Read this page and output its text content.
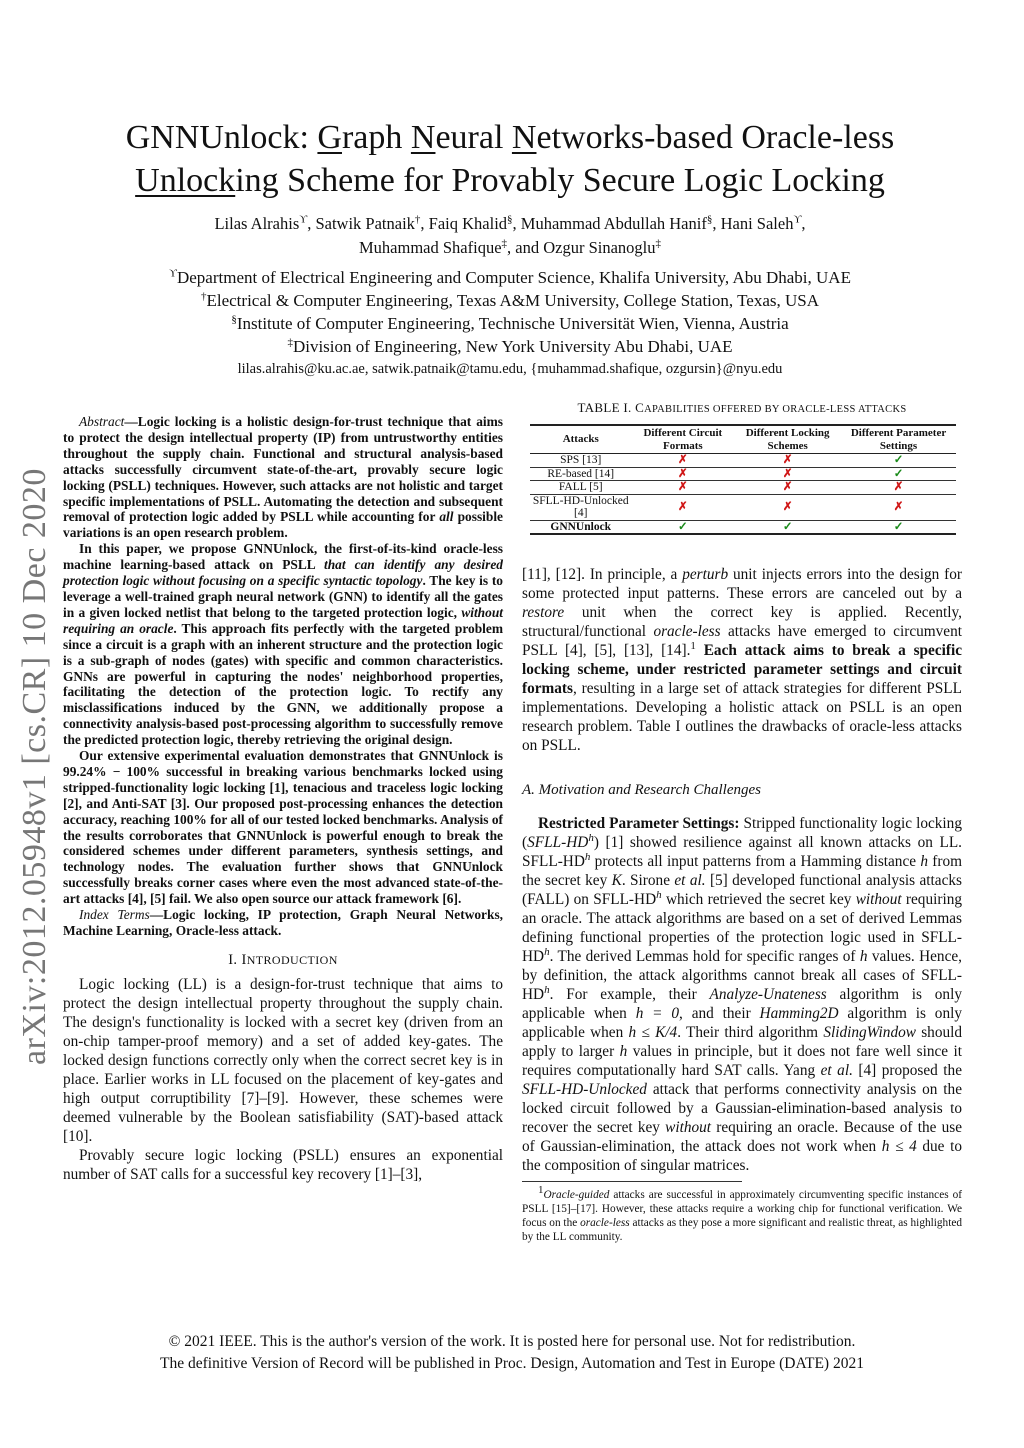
arXiv:2012.05948v1 [cs.CR] 10 Dec 2020
GNNUnlock: Graph Neural Networks-based Oracle-less
Unlocking Scheme for Provably Secure Logic Locking
Lilas Alrahis$^ϒ$, Satwik Patnaik†, Faiq Khalid§, Muhammad Abdullah Hanif§, Hani Saleh$^ϒ$,
Muhammad Shafique‡, and Ozgur Sinanoglu‡
$^ϒ$Department of Electrical Engineering and Computer Science, Khalifa University, Abu Dhabi, UAE
†Electrical & Computer Engineering, Texas A&M University, College Station, Texas, USA
§Institute of Computer Engineering, Technische Universität Wien, Vienna, Austria
‡Division of Engineering, New York University Abu Dhabi, UAE
lilas.alrahis@ku.ac.ae, satwik.patnaik@tamu.edu, {muhammad.shafique, ozgursin}@nyu.edu

Abstract—Logic locking is a holistic design-for-trust technique that aims to protect the design intellectual property (IP) from untrustworthy entities throughout the supply chain. Functional and structural analysis-based attacks successfully circumvent state-of-the-art, provably secure logic locking (PSLL) techniques. However, such attacks are not holistic and target specific implementations of PSLL. Automating the detection and subsequent removal of protection logic added by PSLL while accounting for all possible variations is an open research problem.

In this paper, we propose GNNUnlock, the first-of-its-kind oracle-less machine learning-based attack on PSLL that can identify any desired protection logic without focusing on a specific syntactic topology. The key is to leverage a well-trained graph neural network (GNN) to identify all the gates in a given locked netlist that belong to the targeted protection logic, without requiring an oracle. This approach fits perfectly with the targeted problem since a circuit is a graph with an inherent structure and the protection logic is a sub-graph of nodes (gates) with specific and common characteristics. GNNs are powerful in capturing the nodes' neighborhood properties, facilitating the detection of the protection logic. To rectify any misclassifications induced by the GNN, we additionally propose a connectivity analysis-based post-processing algorithm to successfully remove the predicted protection logic, thereby retrieving the original design.

Our extensive experimental evaluation demonstrates that GNNUnlock is 99.24% − 100% successful in breaking various benchmarks locked using stripped-functionality logic locking [1], tenacious and traceless logic locking [2], and Anti-SAT [3]. Our proposed post-processing enhances the detection accuracy, reaching 100% for all of our tested locked benchmarks. Analysis of the results corroborates that GNNUnlock is powerful enough to break the considered schemes under different parameters, synthesis settings, and technology nodes. The evaluation further shows that GNNUnlock successfully breaks corner cases where even the most advanced state-of-the-art attacks [4], [5] fail. We also open source our attack framework [6].

Index Terms—Logic locking, IP protection, Graph Neural Networks, Machine Learning, Oracle-less attack.

I. INTRODUCTION

Logic locking (LL) is a design-for-trust technique that aims to protect the design intellectual property throughout the supply chain. The design's functionality is locked with a secret key (driven from an on-chip tamper-proof memory) and a set of added key-gates. The locked design functions correctly only when the correct secret key is in place. Earlier works in LL focused on the placement of key-gates and high output corruptibility [7]–[9]. However, these schemes were deemed vulnerable by the Boolean satisfiability (SAT)-based attack [10].

Provably secure logic locking (PSLL) ensures an exponential number of SAT calls for a successful key recovery [1]–[3],

TABLE I. CAPABILITIES OFFERED BY ORACLE-LESS ATTACKS
Attacks	Different Circuit Formats	Different Locking Schemes	Different Parameter Settings
SPS [13]	✗	✗	✓
RE-based [14]	✗	✗	✓
FALL [5]	✗	✗	✗
SFLL-HD-Unlocked [4]	✗	✗	✗
GNNUnlock	✓	✓	✓

[11], [12]. In principle, a perturb unit injects errors into the design for some protected input patterns. These errors are canceled out by a restore unit when the correct key is applied. Recently, structural/functional oracle-less attacks have emerged to circumvent PSLL [4], [5], [13], [14].$^1$ Each attack aims to break a specific locking scheme, under restricted parameter settings and circuit formats, resulting in a large set of attack strategies for different PSLL implementations. Developing a holistic attack on PSLL is an open research problem. Table I outlines the drawbacks of oracle-less attacks on PSLL.

A. Motivation and Research Challenges

Restricted Parameter Settings: Stripped functionality logic locking $(SFLL-HD^h)$ [1] showed resilience against all known attacks on LL. SFLL-$HD^h$ protects all input patterns from a Hamming distance h from the secret key K. Sirone et al. [5] developed functional analysis attacks (FALL) on SFLL-$HD^h$ which retrieved the secret key without requiring an oracle. The attack algorithms are based on a set of derived Lemmas defining functional properties of the protection logic used in SFLL-$HD^h$. The derived Lemmas hold for specific ranges of h values. Hence, by definition, the attack algorithms cannot break all cases of SFLL-$HD^h$. For example, their Analyze-Unateness algorithm is only applicable when h = 0, and their Hamming2D algorithm is only applicable when h ≤ K/4. Their third algorithm SlidingWindow should apply to larger h values in principle, but it does not fare well since it requires computationally hard SAT calls. Yang et al. [4] proposed the SFLL-HD-Unlocked attack that performs connectivity analysis on the locked circuit followed by a Gaussian-elimination-based analysis to recover the secret key without requiring an oracle. Because of the use of Gaussian-elimination, the attack does not work when h ≤ 4 due to the composition of singular matrices.

$^1$Oracle-guided attacks are successful in approximately circumventing specific instances of PSLL [15]–[17]. However, these attacks require a working chip for functional verification. We focus on the oracle-less attacks as they pose a more significant and realistic threat, as highlighted by the LL community.

© 2021 IEEE. This is the author's version of the work. It is posted here for personal use. Not for redistribution.
The definitive Version of Record will be published in Proc. Design, Automation and Test in Europe (DATE) 2021
